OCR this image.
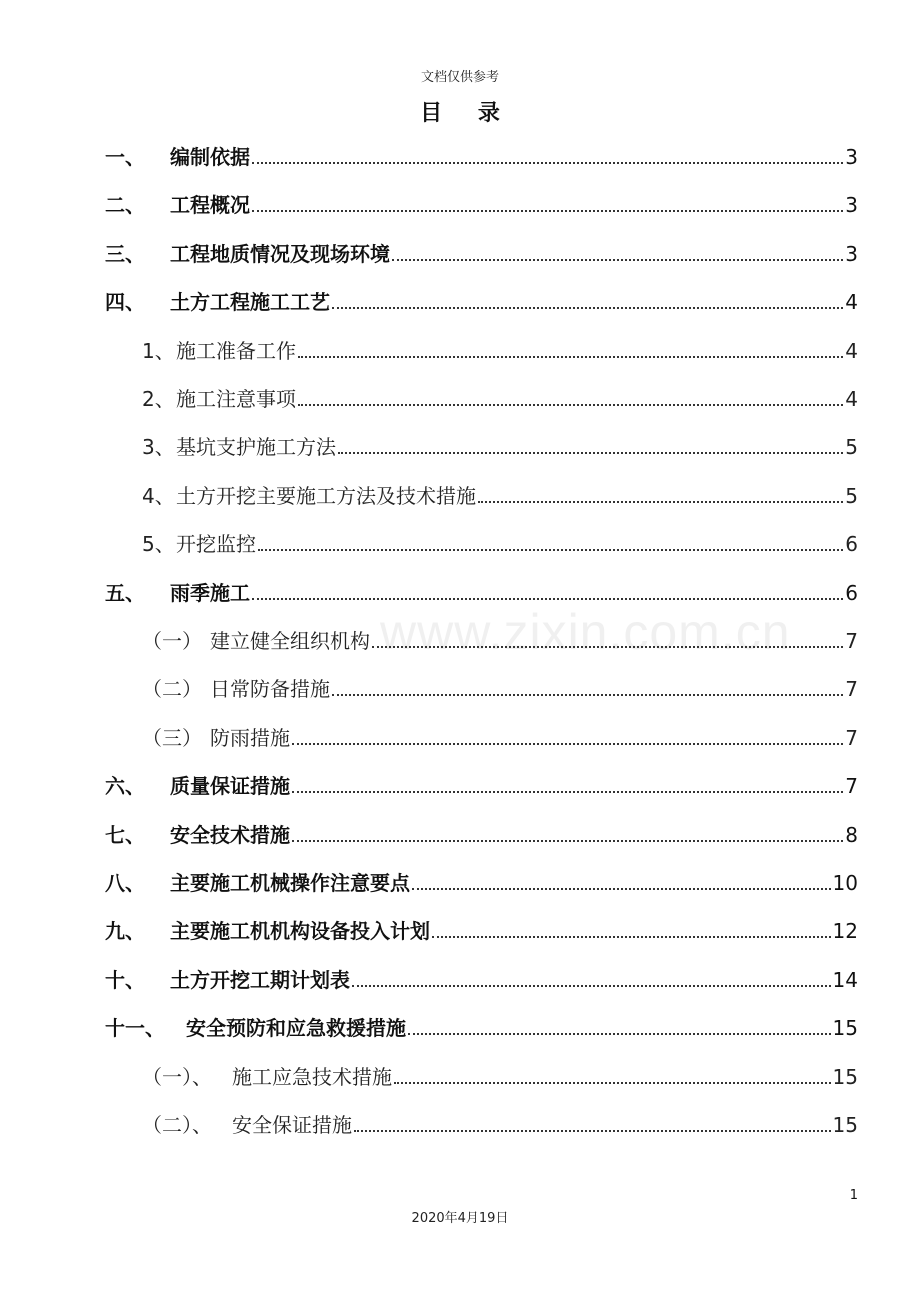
文档仅供参考
目 录
www.zixin.com.cn
一、 编制依据	3
二、 工程概况	3
三、 工程地质情况及现场环境	3
四、 土方工程施工工艺	4
1、 施工准备工作	4
2、 施工注意事项	4
3、 基坑支护施工方法	5
4、 土方开挖主要施工方法及技术措施	5
5、 开挖监控	6
五、 雨季施工	6
（一） 建立健全组织机构	7
（二） 日常防备措施	7
（三） 防雨措施	7
六、 质量保证措施	7
七、 安全技术措施	8
八、 主要施工机械操作注意要点	10
九、 主要施工机机构设备投入计划	12
十、 土方开挖工期计划表	14
十一、 安全预防和应急救援措施	15
（一）、 施工应急技术措施	15
（二）、 安全保证措施	15
1
2020年4月19日
